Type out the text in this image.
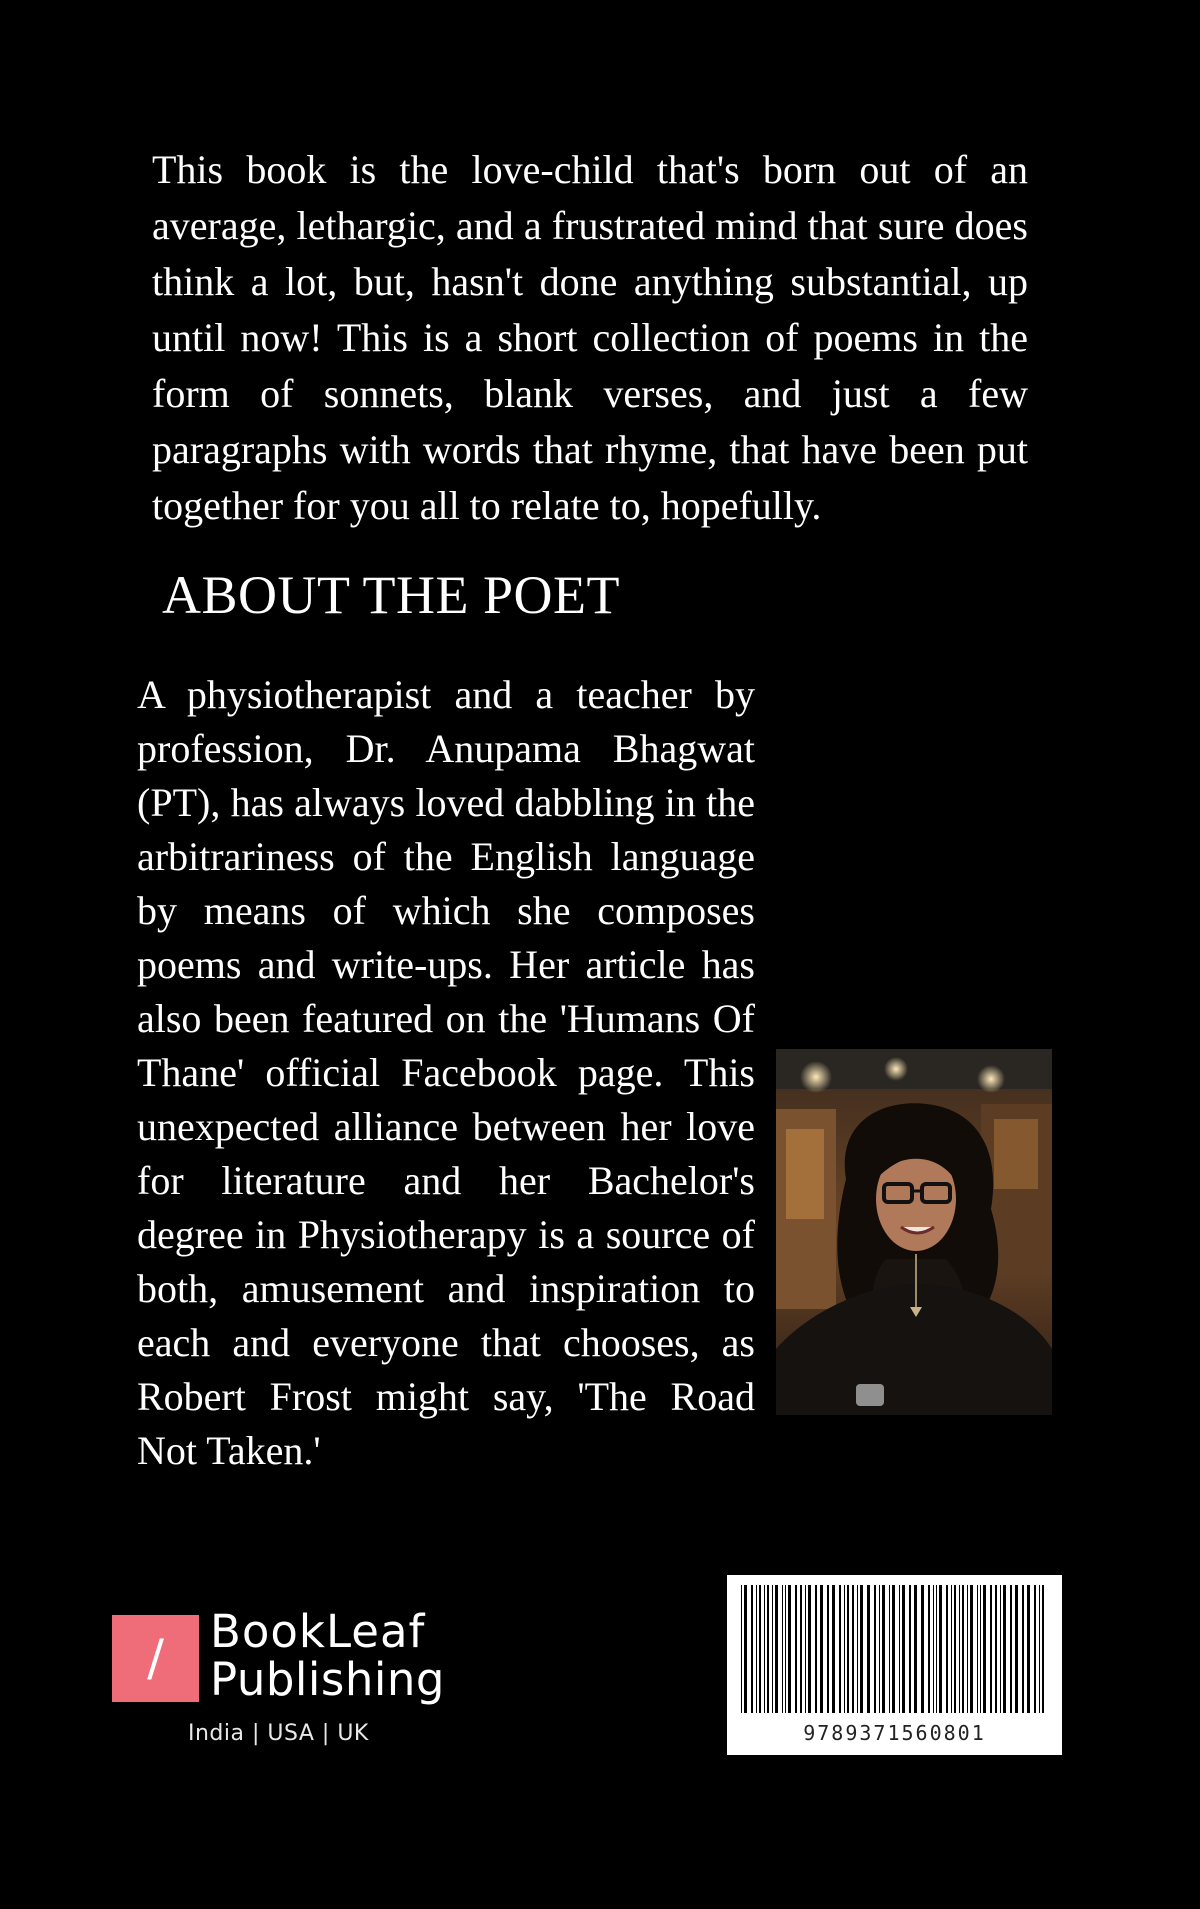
This book is the love-child that's born out of an average, lethargic, and a frustrated mind that sure does think a lot, but, hasn't done anything substantial, up until now! This is a short collection of poems in the form of sonnets, blank verses, and just a few paragraphs with words that rhyme, that have been put together for you all to relate to, hopefully.

ABOUT THE POET

A physiotherapist and a teacher by profession, Dr. Anupama Bhagwat (PT), has always loved dabbling in the arbitrariness of the English language by means of which she composes poems and write-ups. Her article has also been featured on the 'Humans Of Thane' official Facebook page. This unexpected alliance between her love for literature and her Bachelor's degree in Physiotherapy is a source of both, amusement and inspiration to each and everyone that chooses, as Robert Frost might say, 'The Road Not Taken.'

/	BookLeaf
Publishing
India | USA | UK	9789371560801
